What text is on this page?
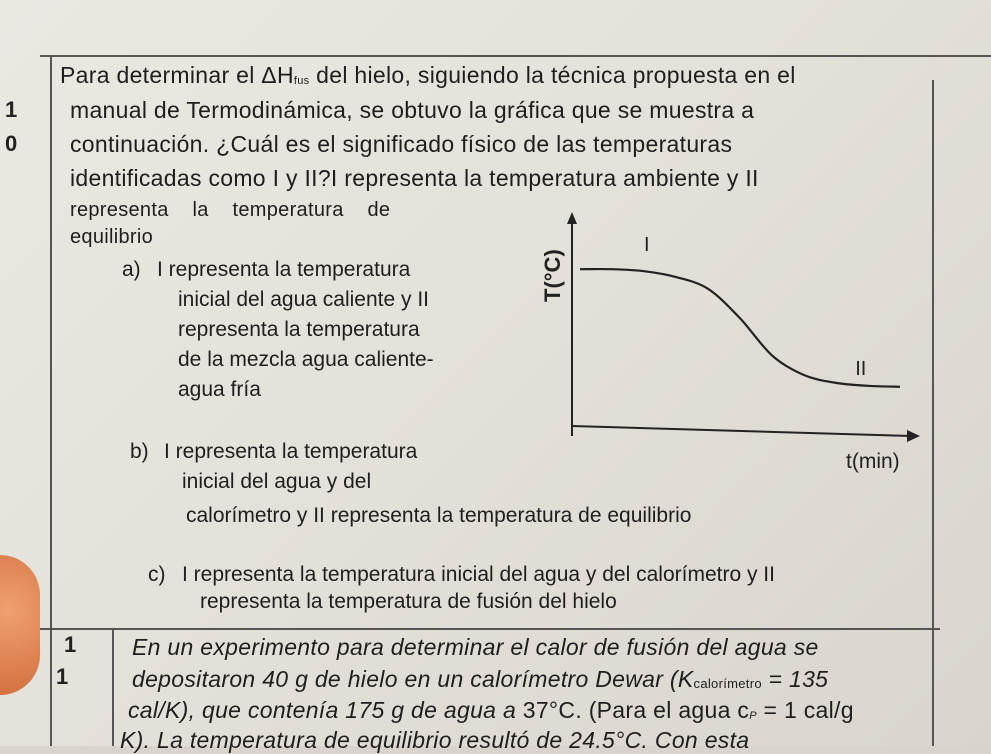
1
0
Para determinar el $\Delta H_{fus}$ del hielo, siguiendo la técnica propuesta en el
manual de Termodinámica, se obtuvo la gráfica que se muestra a
continuación. ¿Cuál es el significado físico de las temperaturas
identificadas como I y II?I representa la temperatura ambiente y II
representa la temperatura de
equilibrio
a) I representa la temperatura
inicial del agua caliente y II
representa la temperatura
de la mezcla agua caliente-
agua fría
b) I representa la temperatura
inicial del agua y del
calorímetro y II representa la temperatura de equilibrio
c) I representa la temperatura inicial del agua y del calorímetro y II
representa la temperatura de fusión del hielo
T(°C)
t(min)
I
II
1
1
En un experimento para determinar el calor de fusión del agua se
depositaron 40 g de hielo en un calorímetro Dewar ($K_{calorímetro} = 135$
cal/K), que contenía 175 g de agua a 37°C. (Para el agua $c_P = 1$ cal/g
K). La temperatura de equilibrio resultó de 24.5°C. Con esta
